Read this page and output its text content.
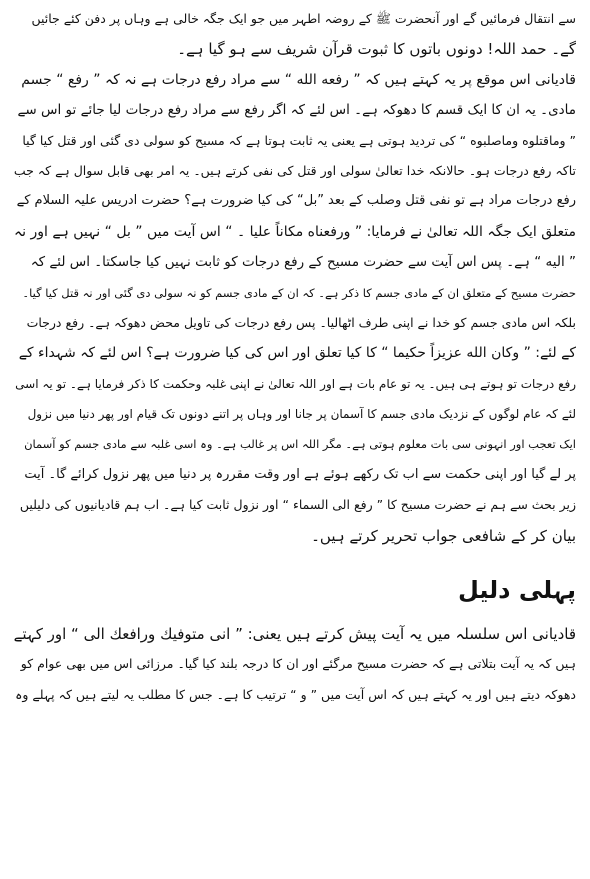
سے انتقال فرمائیں گے اور آنحضرت ﷺ کے روضہ اطہر میں جو ایک جگہ خالی ہے وہاں پر دفن کئے جائیں
گے۔ حمد اللہ! دونوں باتوں کا ثبوت قرآن شریف سے ہو گیا ہے۔
قادیانی اس موقع پر یہ کہتے ہیں کہ ” رفعه الله “ سے مراد رفع درجات ہے نہ کہ ” رفع “ جسم
مادی۔ یہ ان کا ایک قسم کا دھوکہ ہے۔ اس لئے کہ اگر رفع سے مراد رفع درجات لیا جائے تو اس سے
” وماقتلوه وماصلبوه “ کی تردید ہوتی ہے یعنی یہ ثابت ہوتا ہے کہ مسیح کو سولی دی گئی اور قتل کیا گیا
تاکہ رفع درجات ہو۔ حالانکہ خدا تعالیٰ سولی اور قتل کی نفی کرتے ہیں۔ یہ امر بھی قابل سوال ہے کہ جب
رفع درجات مراد ہے تو نفی قتل وصلب کے بعد ”بل“ کی کیا ضرورت ہے؟ حضرت ادریس علیہ السلام کے
متعلق ایک جگہ اللہ تعالیٰ نے فرمایا: ” ورفعناه مكاناً عليا ۔ “ اس آیت میں ” بل “ نہیں ہے اور نہ
” اليه “ ہے۔ پس اس آیت سے حضرت مسیح کے رفع درجات کو ثابت نہیں کیا جاسکتا۔ اس لئے کہ
حضرت مسیح کے متعلق ان کے مادی جسم کا ذکر ہے۔ کہ ان کے مادی جسم کو نہ سولی دی گئی اور نہ قتل کیا گیا۔
بلکہ اس مادی جسم کو خدا نے اپنی طرف اٹھالیا۔ پس رفع درجات کی تاویل محض دھوکہ ہے۔ رفع درجات
کے لئے: ” وكان الله عزيزاً حكيما “ کا کیا تعلق اور اس کی کیا ضرورت ہے؟ اس لئے کہ شہداء کے
رفع درجات تو ہوتے ہی ہیں۔ یہ تو عام بات ہے اور اللہ تعالیٰ نے اپنی غلبہ وحکمت کا ذکر فرمایا ہے۔ تو یہ اسی
لئے کہ عام لوگوں کے نزدیک مادی جسم کا آسمان پر جانا اور وہاں پر اتنے دونوں تک قیام اور پھر دنیا میں نزول
ایک تعجب اور انہونی سی بات معلوم ہوتی ہے۔ مگر اللہ اس پر غالب ہے۔ وہ اسی غلبہ سے مادی جسم کو آسمان
پر لے گیا اور اپنی حکمت سے اب تک رکھے ہوئے ہے اور وقت مقررہ پر دنیا میں پھر نزول کرائے گا۔ آیت
زیر بحث سے ہم نے حضرت مسیح کا ” رفع الی السماء “ اور نزول ثابت کیا ہے۔ اب ہم قادیانیوں کی دلیلیں
بیان کر کے شافعی جواب تحریر کرتے ہیں۔
پہلی دلیل
قادیانی اس سلسلہ میں یہ آیت پیش کرتے ہیں یعنی: ” انی متوفيك ورافعك الی “ اور کہتے
ہیں کہ یہ آیت بتلاتی ہے کہ حضرت مسیح مرگئے اور ان کا درجہ بلند کیا گیا۔ مرزائی اس میں بھی عوام کو
دھوکہ دیتے ہیں اور یہ کہتے ہیں کہ اس آیت میں ” و “ ترتیب کا ہے۔ جس کا مطلب یہ لیتے ہیں کہ پہلے وہ
